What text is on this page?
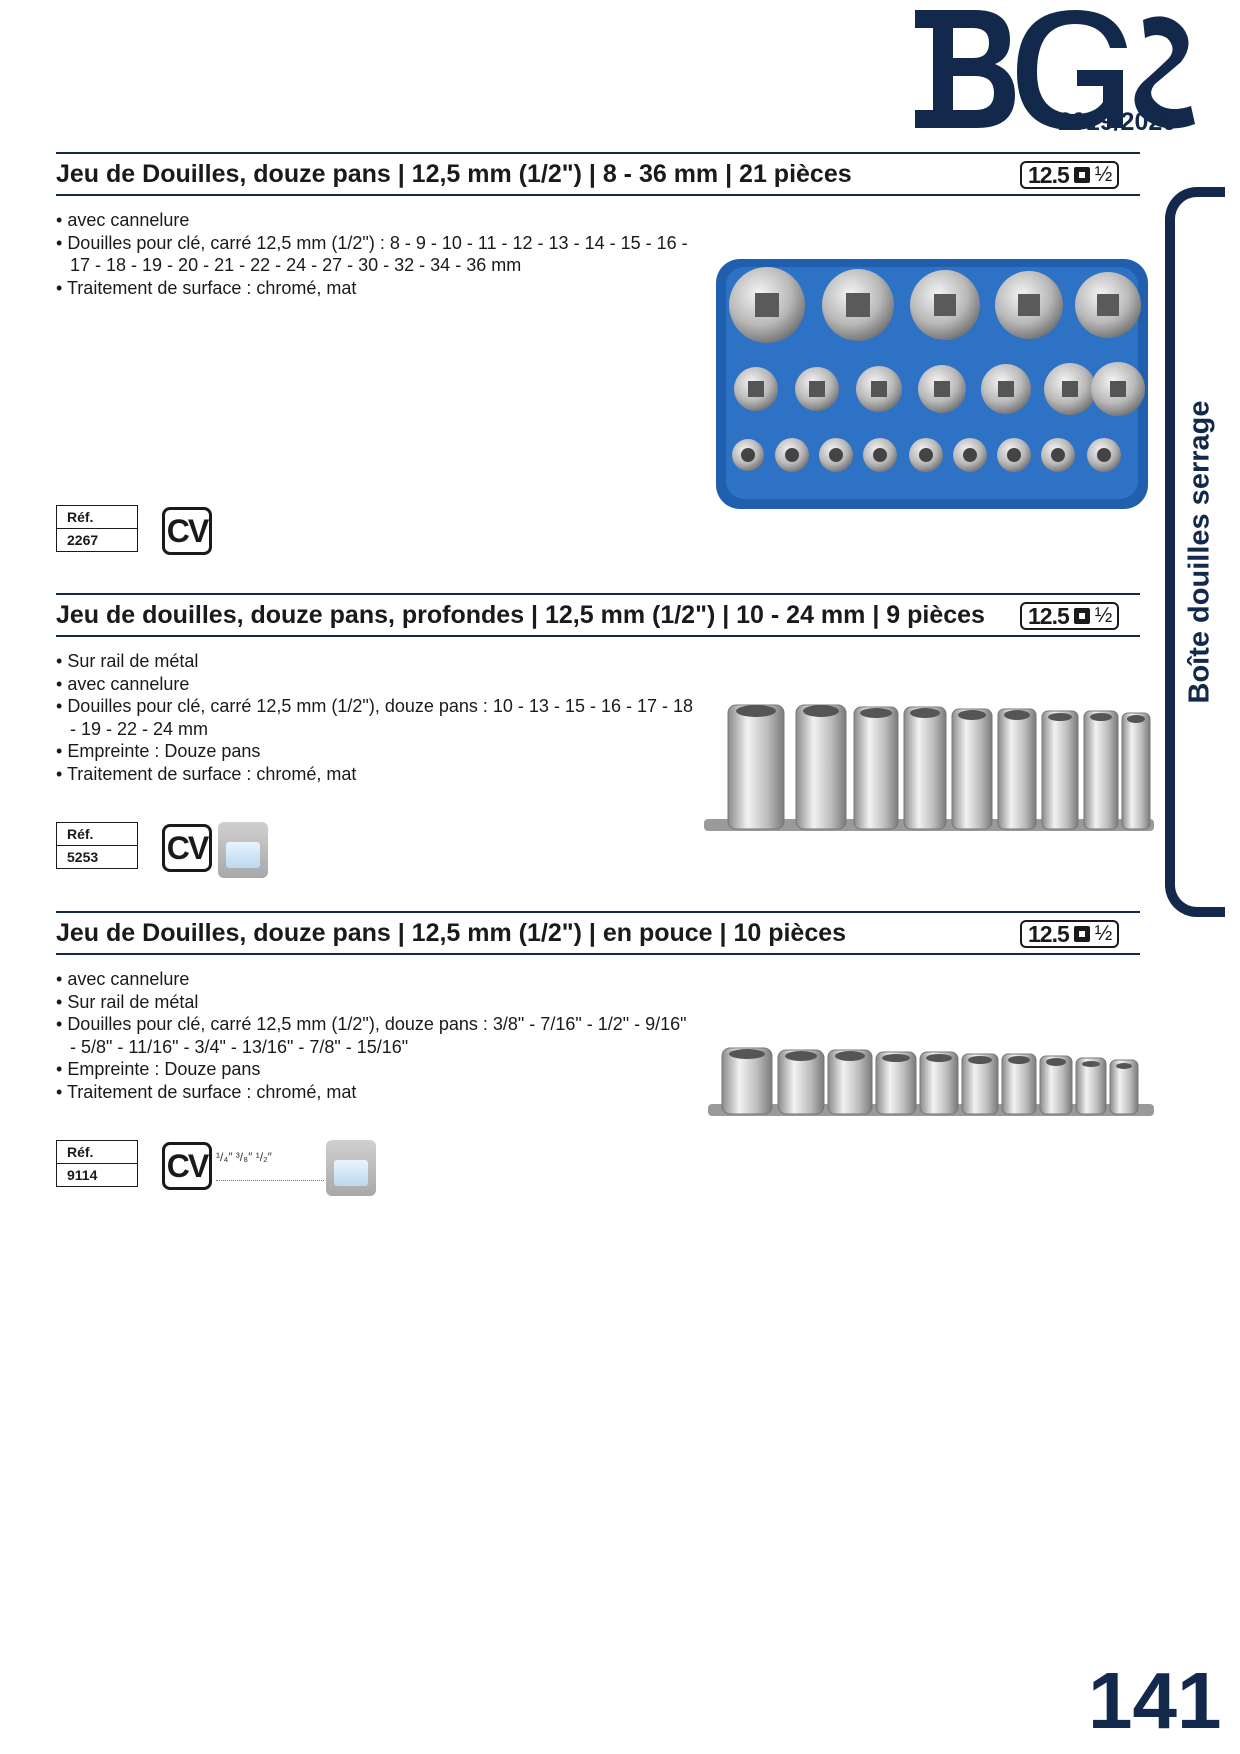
2019/2020
Boîte douilles serrage
Jeu de Douilles, douze pans | 12,5 mm (1/2") | 8 - 36 mm | 21 pièces	12.5 ½
• avec cannelure
• Douilles pour clé, carré 12,5 mm (1/2") : 8 - 9 - 10 - 11 - 12 - 13 - 14 - 15 - 16 - 17 - 18 - 19 - 20 - 21 - 22 - 24 - 27 - 30 - 32 - 34 - 36 mm
• Traitement de surface : chromé, mat
Réf.
2267	CV
Jeu de douilles, douze pans, profondes | 12,5 mm (1/2") | 10 - 24 mm | 9 pièces 12.5 ½
• Sur rail de métal
• avec cannelure
• Douilles pour clé, carré 12,5 mm (1/2"), douze pans : 10 - 13 - 15 - 16 - 17 - 18 - 19 - 22 - 24 mm
• Empreinte : Douze pans
• Traitement de surface : chromé, mat
Réf.
5253	CV
Jeu de Douilles, douze pans | 12,5 mm (1/2") | en pouce | 10 pièces	12.5 ½
• avec cannelure
• Sur rail de métal
• Douilles pour clé, carré 12,5 mm (1/2"), douze pans : 3/8" - 7/16" - 1/2" - 9/16" - 5/8" - 11/16" - 3/4" - 13/16" - 7/8" - 15/16"
• Empreinte : Douze pans
• Traitement de surface : chromé, mat
Réf.
9114	CV ¹/₄″ ³/₈″ ¹/₂″
141
